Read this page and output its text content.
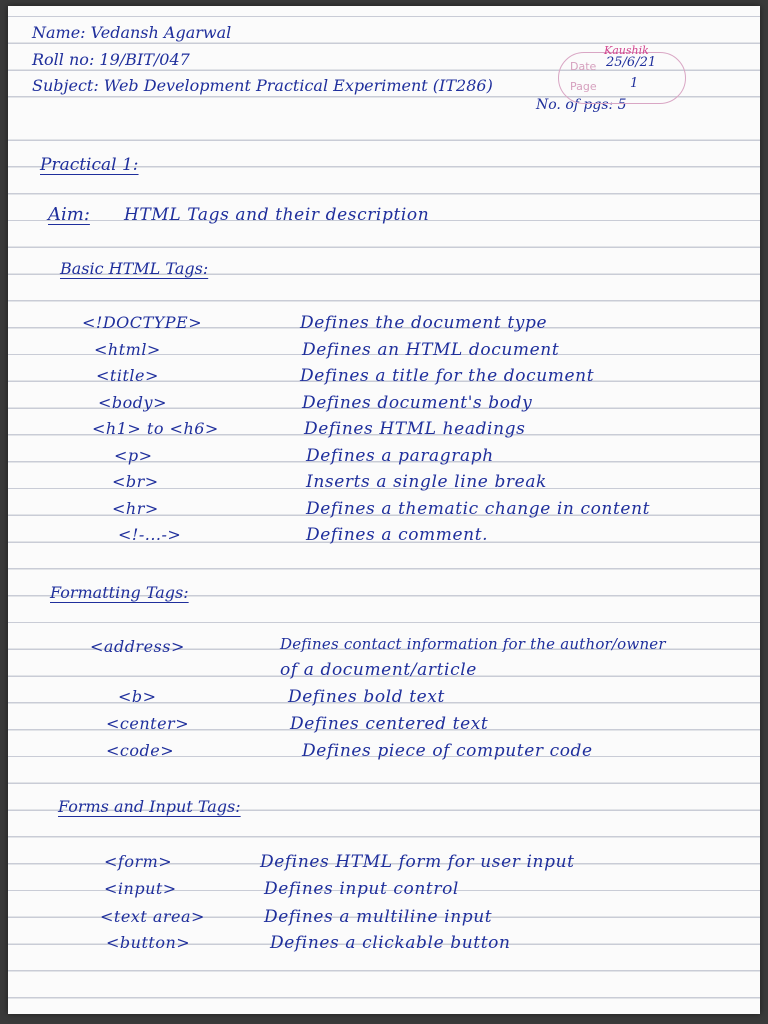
Name: Vedansh Agarwal
Roll no: 19/BIT/047
Subject: Web Development Practical Experiment (IT286)
No. of pgs: 5
Kaushik
Date 25/6/21
Page	1
Practical 1:
Aim: HTML Tags and their description
Basic HTML Tags:
<!DOCTYPE>	Defines the document type
<html>	Defines an HTML document
<title>	Defines a title for the document
<body>	Defines document's body
<h1> to <h6>	Defines HTML headings
<p>	Defines a paragraph
<br>	Inserts a single line break
<hr>	Defines a thematic change in content
<!-...->	Defines a comment.
Formatting Tags:
<address>	Defines contact information for the author/owner
of a document/article
<b>	Defines bold text
<center>	Defines centered text
<code>	Defines piece of computer code
Forms and Input Tags:
<form>	Defines HTML form for user input
<input>	Defines input control
<text area>	Defines a multiline input
<button>	Defines a clickable button
